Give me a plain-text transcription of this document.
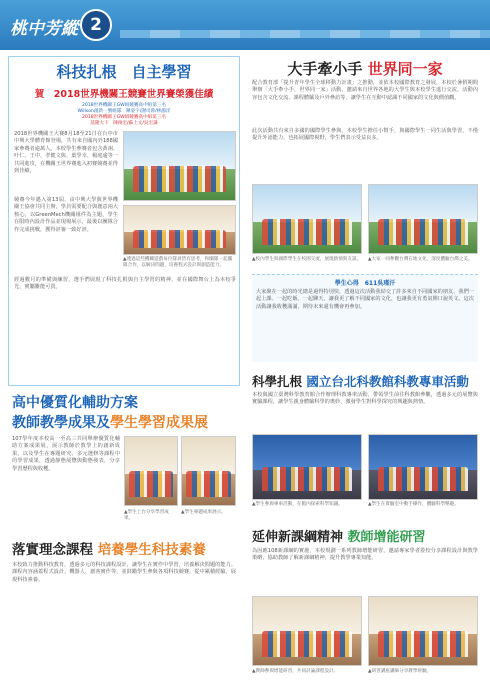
桃中芳縱 2
科技扎根　自主學習
賀　2018世界機關王競賽世界賽榮獲佳績
2018世界機關王GW組競賽高中組第三名
Willson創新一號組隊　陳姿宇/謝司蓉/林鴻洋
2018世界機關王GW組競賽高中組第三名
基隆大下　陳俊宏/蘇上文/吳宏謙
2018世界機關王大賽8月18至21日在台中市中興大學體育館登場，共有來自國內外188國家參賽者逾萬人。本校學生參賽者包含黃翊、叶仁、王中、孝健文與、葉學幸、楊庭逾等一共同進攻，在機關王世界賽進入初賽競賽並得到佳績。
競賽今年邁入第13屆，由中興大學與世界機關王協會共同主辦，學員需要配合與創意兩大核心，以GreenMech機關組件為主題，學生在限時內設計作品並現場展示，最後以團隊合作完成挑戰，獲得評審一致好評。
經過數月的準備與練習，選手們展現了科技扎根與自主學習的精神，並在國際舞台上為本校爭光，實屬難能可貴。
▲透過這些機關遊戲每位隊員皆有思考，和團隊一起團隊合作，以解決問題，培養程式設計與創造能力。
高中優質化輔助方案
教師教學成果及學生學習成果展
107學年度本校高一至高三共同舉辦優質化輔助方案成果展，展示教師於教學上的創新成果，以及學生在專題研究、多元選修等課程中的學習成果，透過靜態展覽與動態發表，分享學習歷程與收穫。
▲學生上台分享學習成果。
▲學生專題成果展示。
落實理念課程 培養學生科技素養
本校致力推動科技教育，透過多元的科技課程設計，讓學生在實作中學習，培養解決問題的能力。課程內容涵蓋程式設計、機器人、創客實作等，並鼓勵學生參與各項科技競賽，從中累積經驗，展現科技素養。
大手牽小手 世界同一家
配合教育部「提升青年學生全球移動力計畫」之推動，並依本校國際教育之發展，本校於暑假期間舉辦「大手牽小手，世界同一家」活動，邀請來自世界各地的大學生與本校學生進行交流，活動內容包含文化交流、課程體驗及戶外參訪等，讓學生在互動中認識不同國家的文化與價值觀。
此次活動共有來自多國的國際學生參與，本校學生擔任小幫手，與國際學生一同生活與學習，不僅提升外語能力，也拓展國際視野，學生們表示受益良多。
▲校內學生與國際學生在校園交流，展現熱情與友誼。 ▲大家一同參觀台灣在地文化，深度體驗台灣之美。
學生心得　611吳瑾汗
大家聚在一起的時光總是過得特別快，透過這次活動我結交了許多來自不同國家的朋友，我們一起上課、一起吃飯、一起聊天，讓我更了解不同國家的文化，也讓我更有勇氣開口說英文。這次活動讓我收穫滿滿，期待未來還有機會再參加。
科學扎根 國立台北科教館科教專車活動
本校與國立臺灣科學教育館合作辦理科教專車活動，帶領學生前往科教館參觀，透過多元的展覽與實驗課程，讓學生親身體驗科學的奧妙，激發學生對科學探究的興趣與熱情。
▲學生參與專車活動，在館內探索科學知識。	▲學生在實驗室中動手操作，體驗科學樂趣。
延伸新課綱精神 教師增能研習
為因應108新課綱的實施，本校規劃一系列教師增能研習，邀請專家學者蒞校分享課程設計與教學策略，協助教師了解新課綱精神，提升教學專業知能。
▲教師參與增能研習，共同討論課程設計。	▲研習講座講師分享教學經驗。
